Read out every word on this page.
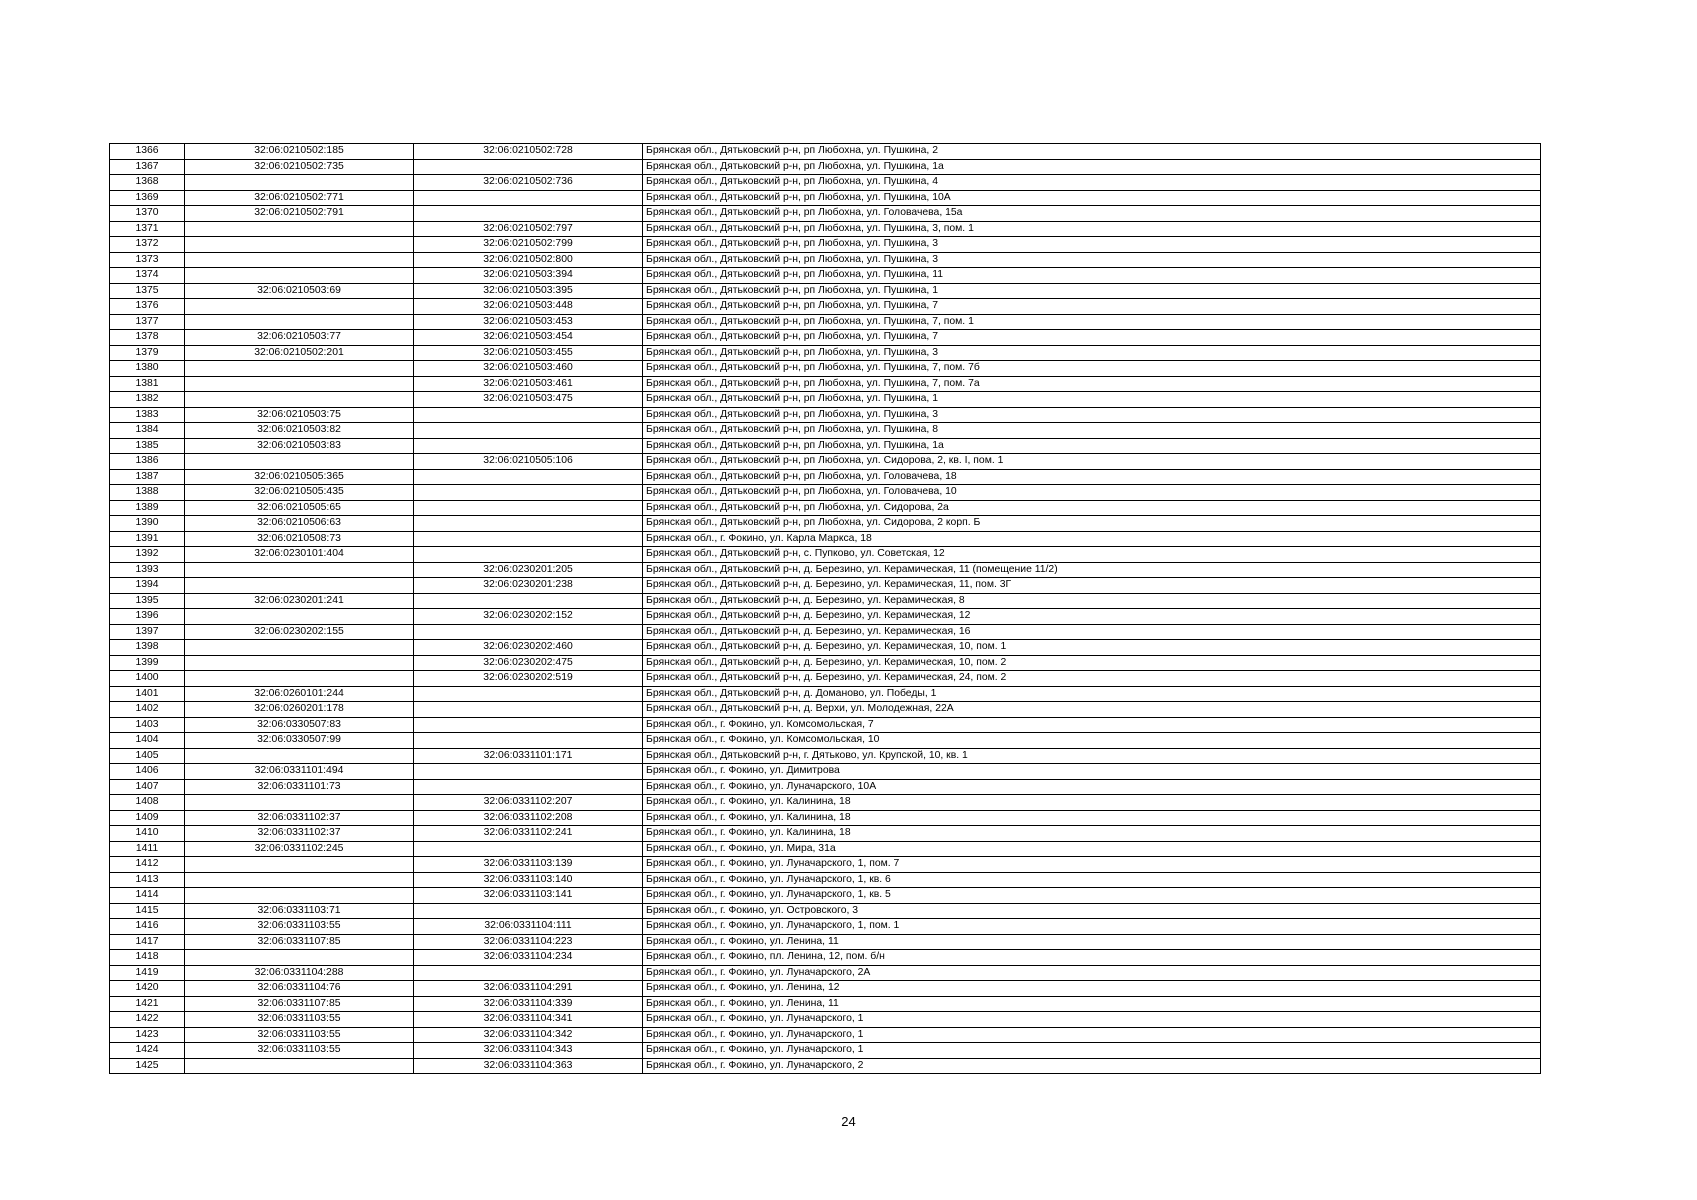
1366	32:06:0210502:185	32:06:0210502:728	Брянская обл., Дятьковский р-н, рп Любохна, ул. Пушкина, 2
1367	32:06:0210502:735		Брянская обл., Дятьковский р-н, рп Любохна, ул. Пушкина, 1а
1368		32:06:0210502:736	Брянская обл., Дятьковский р-н, рп Любохна, ул. Пушкина, 4
1369	32:06:0210502:771		Брянская обл., Дятьковский р-н, рп Любохна, ул. Пушкина, 10А
1370	32:06:0210502:791		Брянская обл., Дятьковский р-н, рп Любохна, ул. Головачева, 15а
1371		32:06:0210502:797	Брянская обл., Дятьковский р-н, рп Любохна, ул. Пушкина, 3, пом. 1
1372		32:06:0210502:799	Брянская обл., Дятьковский р-н, рп Любохна, ул. Пушкина, 3
1373		32:06:0210502:800	Брянская обл., Дятьковский р-н, рп Любохна, ул. Пушкина, 3
1374		32:06:0210503:394	Брянская обл., Дятьковский р-н, рп Любохна, ул. Пушкина, 11
1375	32:06:0210503:69	32:06:0210503:395	Брянская обл., Дятьковский р-н, рп Любохна, ул. Пушкина, 1
1376		32:06:0210503:448	Брянская обл., Дятьковский р-н, рп Любохна, ул. Пушкина, 7
1377		32:06:0210503:453	Брянская обл., Дятьковский р-н, рп Любохна, ул. Пушкина, 7, пом. 1
1378	32:06:0210503:77	32:06:0210503:454	Брянская обл., Дятьковский р-н, рп Любохна, ул. Пушкина, 7
1379	32:06:0210502:201	32:06:0210503:455	Брянская обл., Дятьковский р-н, рп Любохна, ул. Пушкина, 3
1380		32:06:0210503:460	Брянская обл., Дятьковский р-н, рп Любохна, ул. Пушкина, 7, пом. 7б
1381		32:06:0210503:461	Брянская обл., Дятьковский р-н, рп Любохна, ул. Пушкина, 7, пом. 7а
1382		32:06:0210503:475	Брянская обл., Дятьковский р-н, рп Любохна, ул. Пушкина, 1
1383	32:06:0210503:75		Брянская обл., Дятьковский р-н, рп Любохна, ул. Пушкина, 3
1384	32:06:0210503:82		Брянская обл., Дятьковский р-н, рп Любохна, ул. Пушкина, 8
1385	32:06:0210503:83		Брянская обл., Дятьковский р-н, рп Любохна, ул. Пушкина, 1а
1386		32:06:0210505:106	Брянская обл., Дятьковский р-н, рп Любохна, ул. Сидорова, 2, кв. I, пом. 1
1387	32:06:0210505:365		Брянская обл., Дятьковский р-н, рп Любохна, ул. Головачева, 18
1388	32:06:0210505:435		Брянская обл., Дятьковский р-н, рп Любохна, ул. Головачева, 10
1389	32:06:0210505:65		Брянская обл., Дятьковский р-н, рп Любохна, ул. Сидорова, 2а
1390	32:06:0210506:63		Брянская обл., Дятьковский р-н, рп Любохна, ул. Сидорова, 2 корп. Б
1391	32:06:0210508:73		Брянская обл., г. Фокино, ул. Карла Маркса, 18
1392	32:06:0230101:404		Брянская обл., Дятьковский р-н, с. Пупково, ул. Советская, 12
1393		32:06:0230201:205	Брянская обл., Дятьковский р-н, д. Березино, ул. Керамическая, 11 (помещение 11/2)
1394		32:06:0230201:238	Брянская обл., Дятьковский р-н, д. Березино, ул. Керамическая, 11, пом. 3Г
1395	32:06:0230201:241		Брянская обл., Дятьковский р-н, д. Березино, ул. Керамическая, 8
1396		32:06:0230202:152	Брянская обл., Дятьковский р-н, д. Березино, ул. Керамическая, 12
1397	32:06:0230202:155		Брянская обл., Дятьковский р-н, д. Березино, ул. Керамическая, 16
1398		32:06:0230202:460	Брянская обл., Дятьковский р-н, д. Березино, ул. Керамическая, 10, пом. 1
1399		32:06:0230202:475	Брянская обл., Дятьковский р-н, д. Березино, ул. Керамическая, 10, пом. 2
1400		32:06:0230202:519	Брянская обл., Дятьковский р-н, д. Березино, ул. Керамическая, 24, пом. 2
1401	32:06:0260101:244		Брянская обл., Дятьковский р-н, д. Доманово, ул. Победы, 1
1402	32:06:0260201:178		Брянская обл., Дятьковский р-н, д. Верхи, ул. Молодежная, 22А
1403	32:06:0330507:83		Брянская обл., г. Фокино, ул. Комсомольская, 7
1404	32:06:0330507:99		Брянская обл., г. Фокино, ул. Комсомольская, 10
1405		32:06:0331101:171	Брянская обл., Дятьковский р-н, г. Дятьково, ул. Крупской, 10, кв. 1
1406	32:06:0331101:494		Брянская обл., г. Фокино, ул. Димитрова
1407	32:06:0331101:73		Брянская обл., г. Фокино, ул. Луначарского, 10А
1408		32:06:0331102:207	Брянская обл., г. Фокино, ул. Калинина, 18
1409	32:06:0331102:37	32:06:0331102:208	Брянская обл., г. Фокино, ул. Калинина, 18
1410	32:06:0331102:37	32:06:0331102:241	Брянская обл., г. Фокино, ул. Калинина, 18
1411	32:06:0331102:245		Брянская обл., г. Фокино, ул. Мира, 31а
1412		32:06:0331103:139	Брянская обл., г. Фокино, ул. Луначарского, 1, пом. 7
1413		32:06:0331103:140	Брянская обл., г. Фокино, ул. Луначарского, 1, кв. 6
1414		32:06:0331103:141	Брянская обл., г. Фокино, ул. Луначарского, 1, кв. 5
1415	32:06:0331103:71		Брянская обл., г. Фокино, ул. Островского, 3
1416	32:06:0331103:55	32:06:0331104:111	Брянская обл., г. Фокино, ул. Луначарского, 1, пом. 1
1417	32:06:0331107:85	32:06:0331104:223	Брянская обл., г. Фокино, ул. Ленина, 11
1418		32:06:0331104:234	Брянская обл., г. Фокино, пл. Ленина, 12, пом. б/н
1419	32:06:0331104:288		Брянская обл., г. Фокино, ул. Луначарского, 2А
1420	32:06:0331104:76	32:06:0331104:291	Брянская обл., г. Фокино, ул. Ленина, 12
1421	32:06:0331107:85	32:06:0331104:339	Брянская обл., г. Фокино, ул. Ленина, 11
1422	32:06:0331103:55	32:06:0331104:341	Брянская обл., г. Фокино, ул. Луначарского, 1
1423	32:06:0331103:55	32:06:0331104:342	Брянская обл., г. Фокино, ул. Луначарского, 1
1424	32:06:0331103:55	32:06:0331104:343	Брянская обл., г. Фокино, ул. Луначарского, 1
1425		32:06:0331104:363	Брянская обл., г. Фокино, ул. Луначарского, 2
24
